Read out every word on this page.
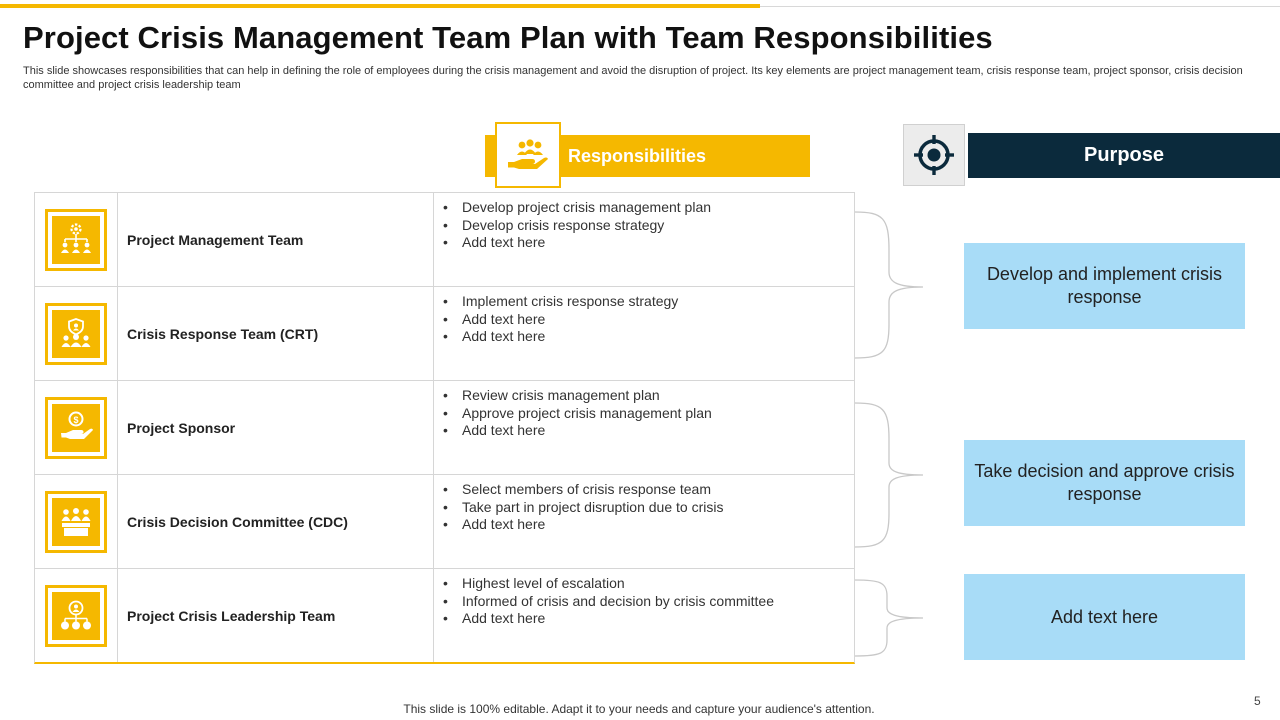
Project Crisis Management Team Plan with Team Responsibilities
This slide showcases responsibilities that can help in defining the role of employees during the crisis management and avoid the disruption of project. Its key elements are project management team, crisis response team, project sponsor, crisis decision committee and project crisis leadership team
Responsibilities	Purpose
Project Management Team
• Develop project crisis management plan
• Develop crisis response strategy
• Add text here
Crisis Response Team (CRT)
• Implement crisis response strategy
• Add text here
• Add text here
$	Project Sponsor
• Review crisis management plan
• Approve project crisis management plan
• Add text here
Crisis Decision Committee (CDC)
• Select members of crisis response team
• Take part in project disruption due to crisis
• Add text here
Project Crisis Leadership Team
• Highest level of escalation
• Informed of crisis and decision by crisis committee
• Add text here
Develop and implement crisis response
Take decision and approve crisis response
Add text here
This slide is 100% editable. Adapt it to your needs and capture your audience's attention.
5
